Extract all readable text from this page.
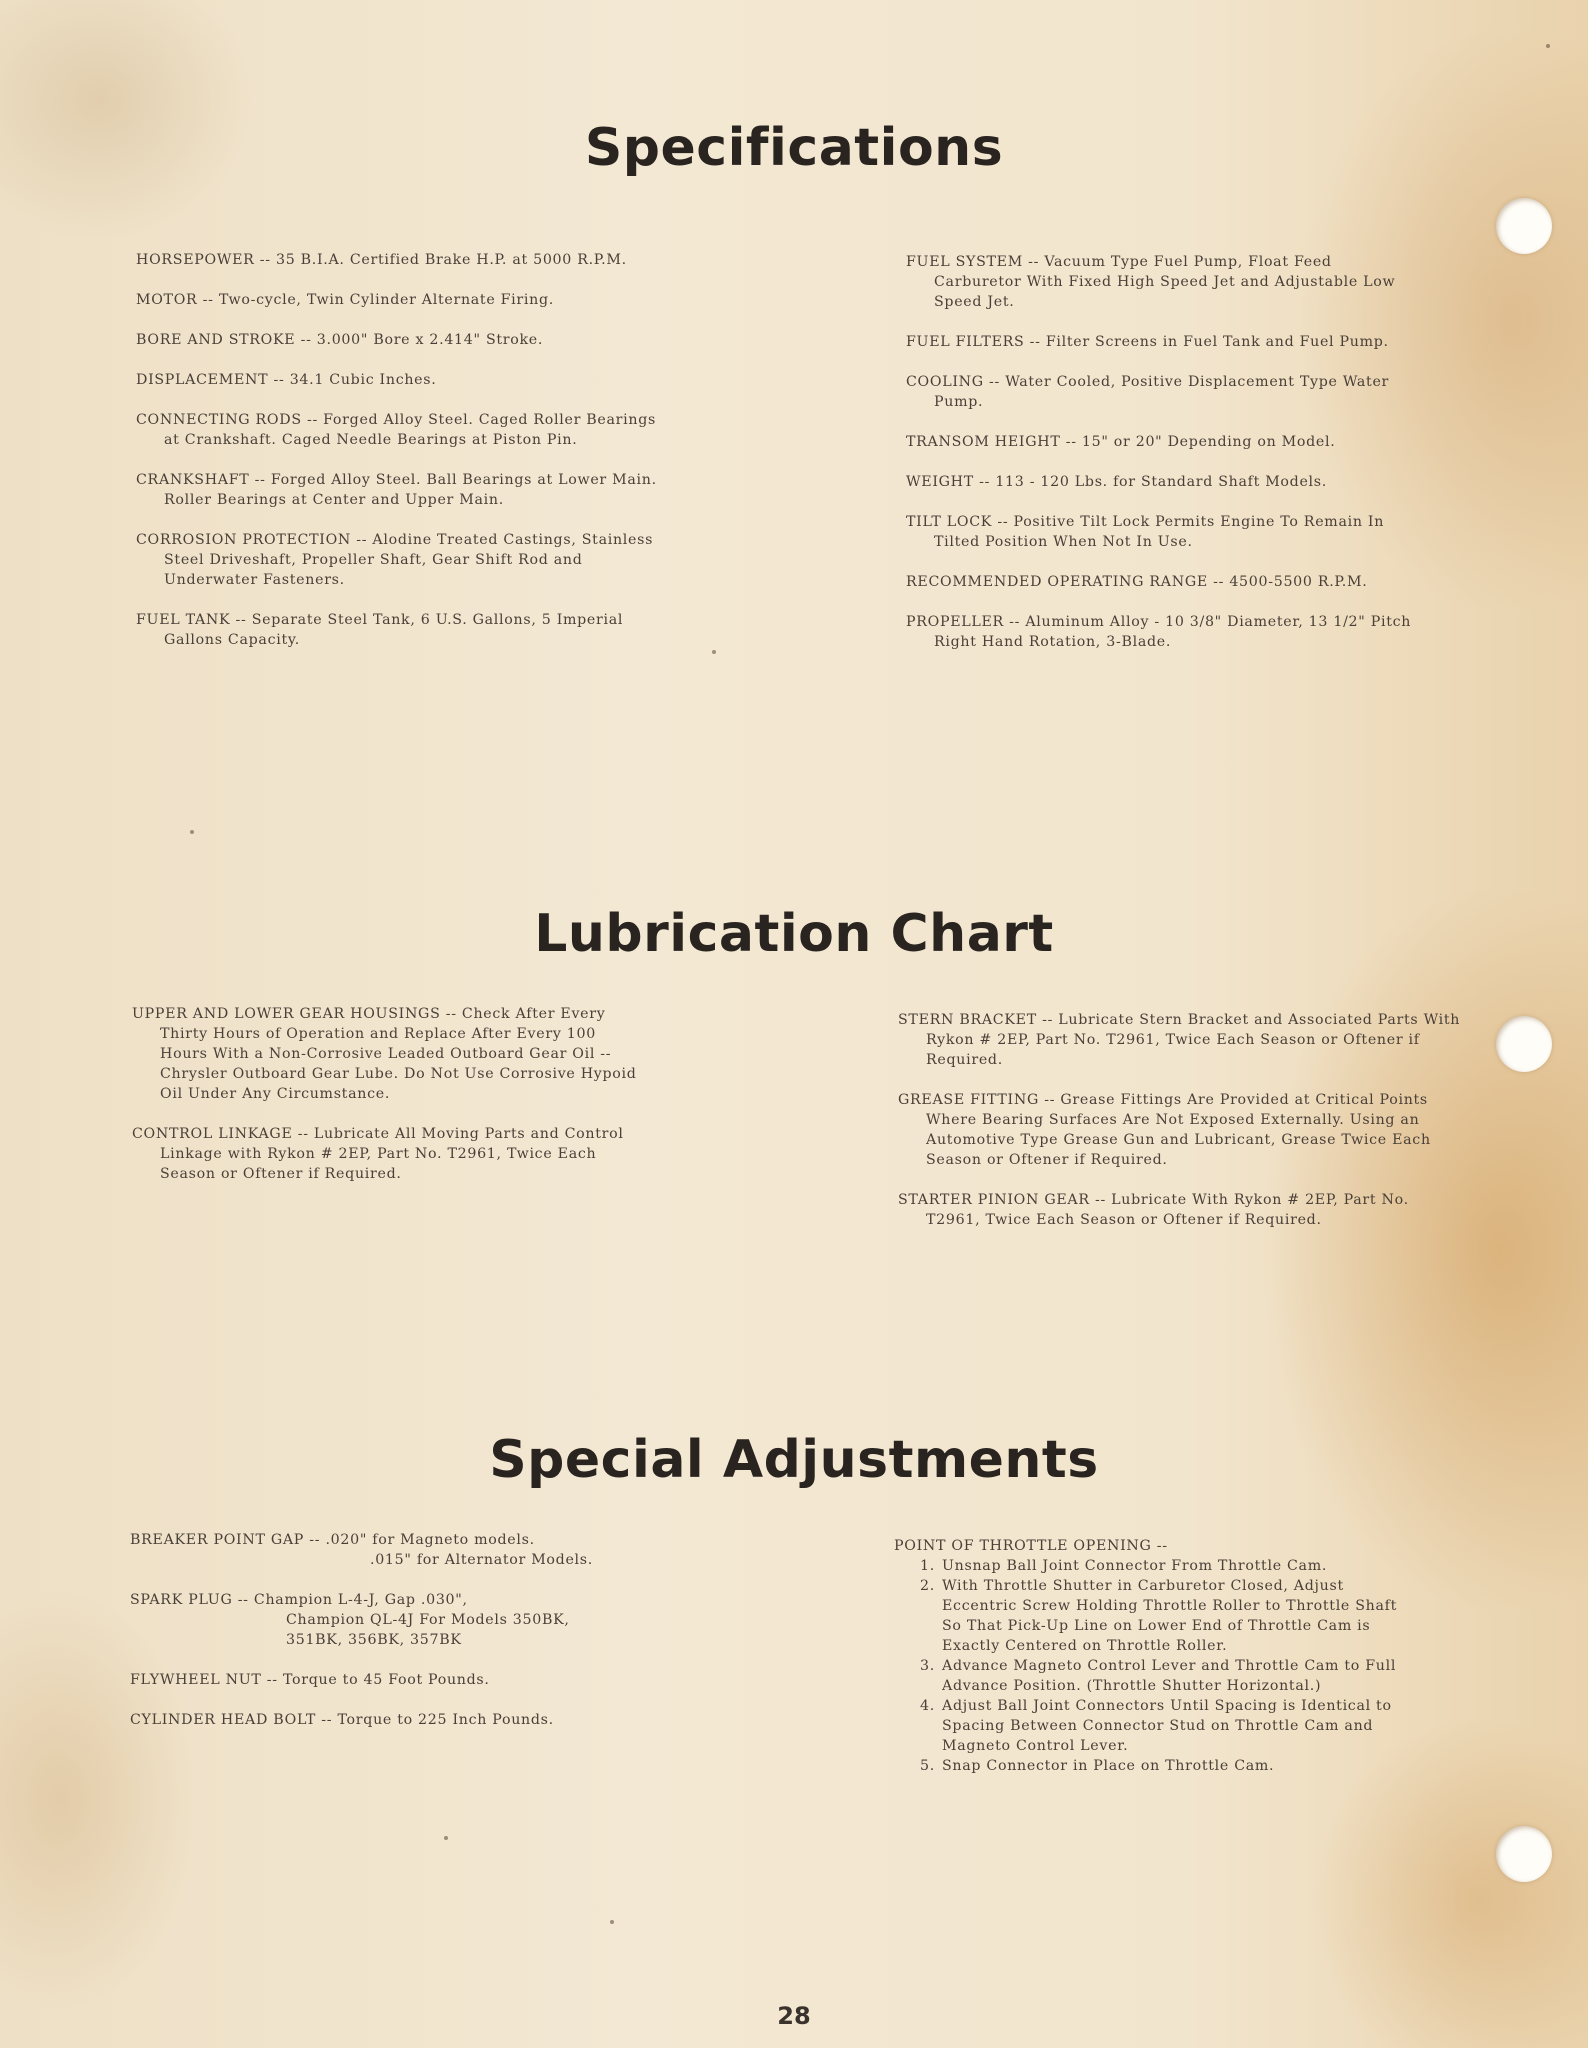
Specifications

HORSEPOWER -- 35 B.I.A. Certified Brake H.P. at 5000 R.P.M.

MOTOR -- Two-cycle, Twin Cylinder Alternate Firing.

BORE AND STROKE -- 3.000" Bore x 2.414" Stroke.

DISPLACEMENT -- 34.1 Cubic Inches.

CONNECTING RODS -- Forged Alloy Steel. Caged Roller Bearings at Crankshaft. Caged Needle Bearings at Piston Pin.

CRANKSHAFT -- Forged Alloy Steel. Ball Bearings at Lower Main. Roller Bearings at Center and Upper Main.

CORROSION PROTECTION -- Alodine Treated Castings, Stainless Steel Driveshaft, Propeller Shaft, Gear Shift Rod and Underwater Fasteners.

FUEL TANK -- Separate Steel Tank, 6 U.S. Gallons, 5 Imperial Gallons Capacity.

FUEL SYSTEM -- Vacuum Type Fuel Pump, Float Feed Carburetor With Fixed High Speed Jet and Adjustable Low Speed Jet.

FUEL FILTERS -- Filter Screens in Fuel Tank and Fuel Pump.

COOLING -- Water Cooled, Positive Displacement Type Water Pump.

TRANSOM HEIGHT -- 15" or 20" Depending on Model.

WEIGHT -- 113 - 120 Lbs. for Standard Shaft Models.

TILT LOCK -- Positive Tilt Lock Permits Engine To Remain In Tilted Position When Not In Use.

RECOMMENDED OPERATING RANGE -- 4500-5500 R.P.M.

PROPELLER -- Aluminum Alloy - 10 3/8" Diameter, 13 1/2" Pitch Right Hand Rotation, 3-Blade.

Lubrication Chart

UPPER AND LOWER GEAR HOUSINGS -- Check After Every Thirty Hours of Operation and Replace After Every 100 Hours With a Non-Corrosive Leaded Outboard Gear Oil -- Chrysler Outboard Gear Lube. Do Not Use Corrosive Hypoid Oil Under Any Circumstance.

CONTROL LINKAGE -- Lubricate All Moving Parts and Control Linkage with Rykon # 2EP, Part No. T2961, Twice Each Season or Oftener if Required.

STERN BRACKET -- Lubricate Stern Bracket and Associated Parts With Rykon # 2EP, Part No. T2961, Twice Each Season or Oftener if Required.

GREASE FITTING -- Grease Fittings Are Provided at Critical Points Where Bearing Surfaces Are Not Exposed Externally. Using an Automotive Type Grease Gun and Lubricant, Grease Twice Each Season or Oftener if Required.

STARTER PINION GEAR -- Lubricate With Rykon # 2EP, Part No. T2961, Twice Each Season or Oftener if Required.

Special Adjustments
BREAKER POINT GAP -- .020" for Magneto models.
.015" for Alternator Models.
SPARK PLUG -- Champion L-4-J, Gap .030",
Champion QL-4J For Models 350BK,
351BK, 356BK, 357BK

FLYWHEEL NUT -- Torque to 45 Foot Pounds.

CYLINDER HEAD BOLT -- Torque to 225 Inch Pounds.

POINT OF THROTTLE OPENING --
1. Unsnap Ball Joint Connector From Throttle Cam.
2. With Throttle Shutter in Carburetor Closed, Adjust Eccentric Screw Holding Throttle Roller to Throttle Shaft So That Pick-Up Line on Lower End of Throttle Cam is Exactly Centered on Throttle Roller.
3. Advance Magneto Control Lever and Throttle Cam to Full Advance Position. (Throttle Shutter Horizontal.)
4. Adjust Ball Joint Connectors Until Spacing is Identical to Spacing Between Connector Stud on Throttle Cam and Magneto Control Lever.
5. Snap Connector in Place on Throttle Cam.
28
